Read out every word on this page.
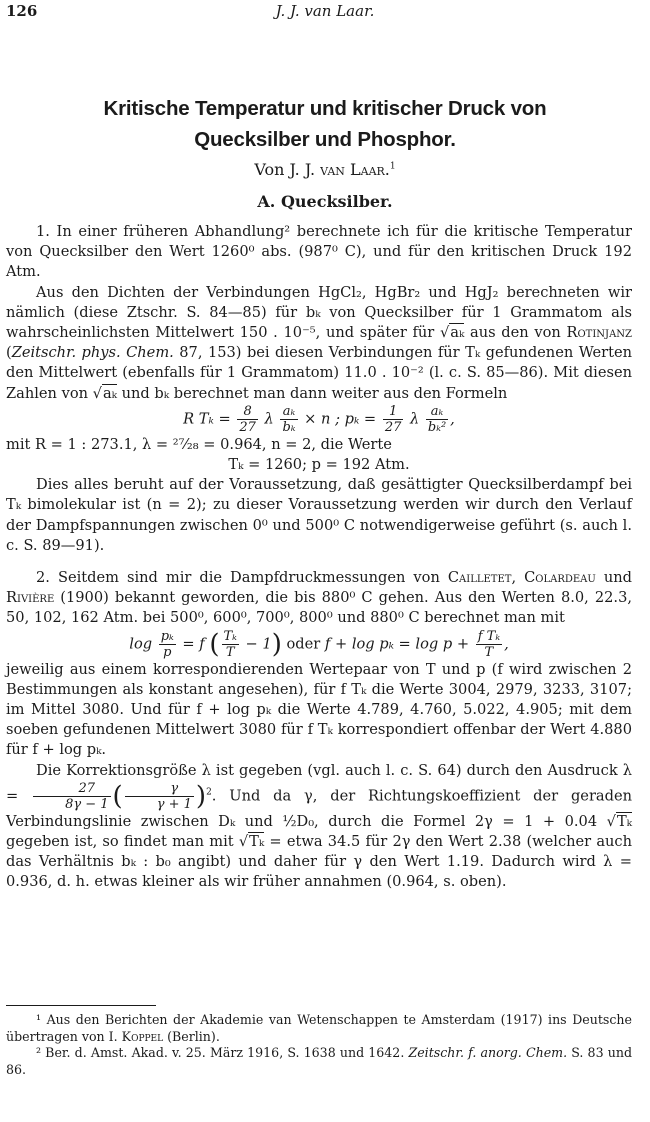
126	J. J. van Laar.
Kritische Temperatur und kritischer Druck von
Quecksilber und Phosphor.
Von J. J. van Laar.$^1$
A. Quecksilber.

1. In einer früheren Abhandlung² berechnete ich für die kritische Temperatur von Quecksilber den Wert 1260⁰ abs. (987⁰ C), und für den kritischen Druck 192 Atm.

Aus den Dichten der Verbindungen HgCl₂, HgBr₂ und HgJ₂ berechneten wir nämlich (diese Ztschr. S. 84—85) für bₖ von Quecksilber für 1 Grammatom als wahrscheinlichsten Mittelwert 150 . 10⁻⁵, und später für √aₖ aus den von Rotinjanz (Zeitschr. phys. Chem. 87, 153) bei diesen Verbindungen für Tₖ gefundenen Werten den Mittelwert (ebenfalls für 1 Grammatom) 11.0 . 10⁻² (l. c. S. 85—86). Mit diesen Zahlen von √aₖ und bₖ berechnet man dann weiter aus den Formeln

R $T_k = \frac{8}{27}$ λ $\frac{\text{aₖ}}{\text{bₖ}} \times n$ ; $p_k = \frac{1}{27}$ λ $\frac{\text{aₖ}}{\text{bₖ²}}$ ,

mit R = 1 : 273.1, λ = ²⁷⁄₂₈ = 0.964, n = 2, die Werte

Tₖ = 1260; p = 192 Atm.

Dies alles beruht auf der Voraussetzung, daß gesättigter Quecksilberdampf bei Tₖ bimolekular ist (n = 2); zu dieser Voraussetzung werden wir durch den Verlauf der Dampfspannungen zwischen 0⁰ und 500⁰ C notwendigerweise geführt (s. auch l. c. S. 89—91).

2. Seitdem sind mir die Dampfdruckmessungen von Cailletet, Colardeau und Rivière (1900) bekannt geworden, die bis 880⁰ C gehen. Aus den Werten 8.0, 22.3, 50, 102, 162 Atm. bei 500⁰, 600⁰, 700⁰, 800⁰ und 880⁰ C berechnet man mit

$\log \frac{\text{pₖ}}{p} = f$ ( $\frac{\text{Tₖ}}{T} - 1$) oder $f + \log p_k = \log p + \frac{\text{f Tₖ}}{T}$ ,

jeweilig aus einem korrespondierenden Wertepaar von T und p (f wird zwischen 2 Bestimmungen als konstant angesehen), für f Tₖ die Werte 3004, 2979, 3233, 3107; im Mittel 3080. Und für f + log pₖ die Werte 4.789, 4.760, 5.022, 4.905; mit dem soeben gefundenen Mittelwert 3080 für f Tₖ korrespondiert offenbar der Wert 4.880 für f + log pₖ.

Die Korrektionsgröße λ ist gegeben (vgl. auch l. c. S. 64) durch den Ausdruck $\lambda = \frac{27}{8\gamma - 1}$ ( $\frac{\gamma}{\gamma + 1} )^2$. Und da γ, der Richtungskoeffizient der geraden Verbindungslinie zwischen Dₖ und ½D₀, durch die Formel 2γ = 1 + 0.04 √Tₖ gegeben ist, so findet man mit √Tₖ = etwa 34.5 für 2γ den Wert 2.38 (welcher auch das Verhältnis bₖ : b₀ angibt) und daher für γ den Wert 1.19. Dadurch wird λ = 0.936, d. h. etwas kleiner als wir früher annahmen (0.964, s. oben).

¹ Aus den Berichten der Akademie van Wetenschappen te Amsterdam (1917) ins Deutsche übertragen von I. Koppel (Berlin).

² Ber. d. Amst. Akad. v. 25. März 1916, S. 1638 und 1642. Zeitschr. f. anorg. Chem. S. 83 und 86.
